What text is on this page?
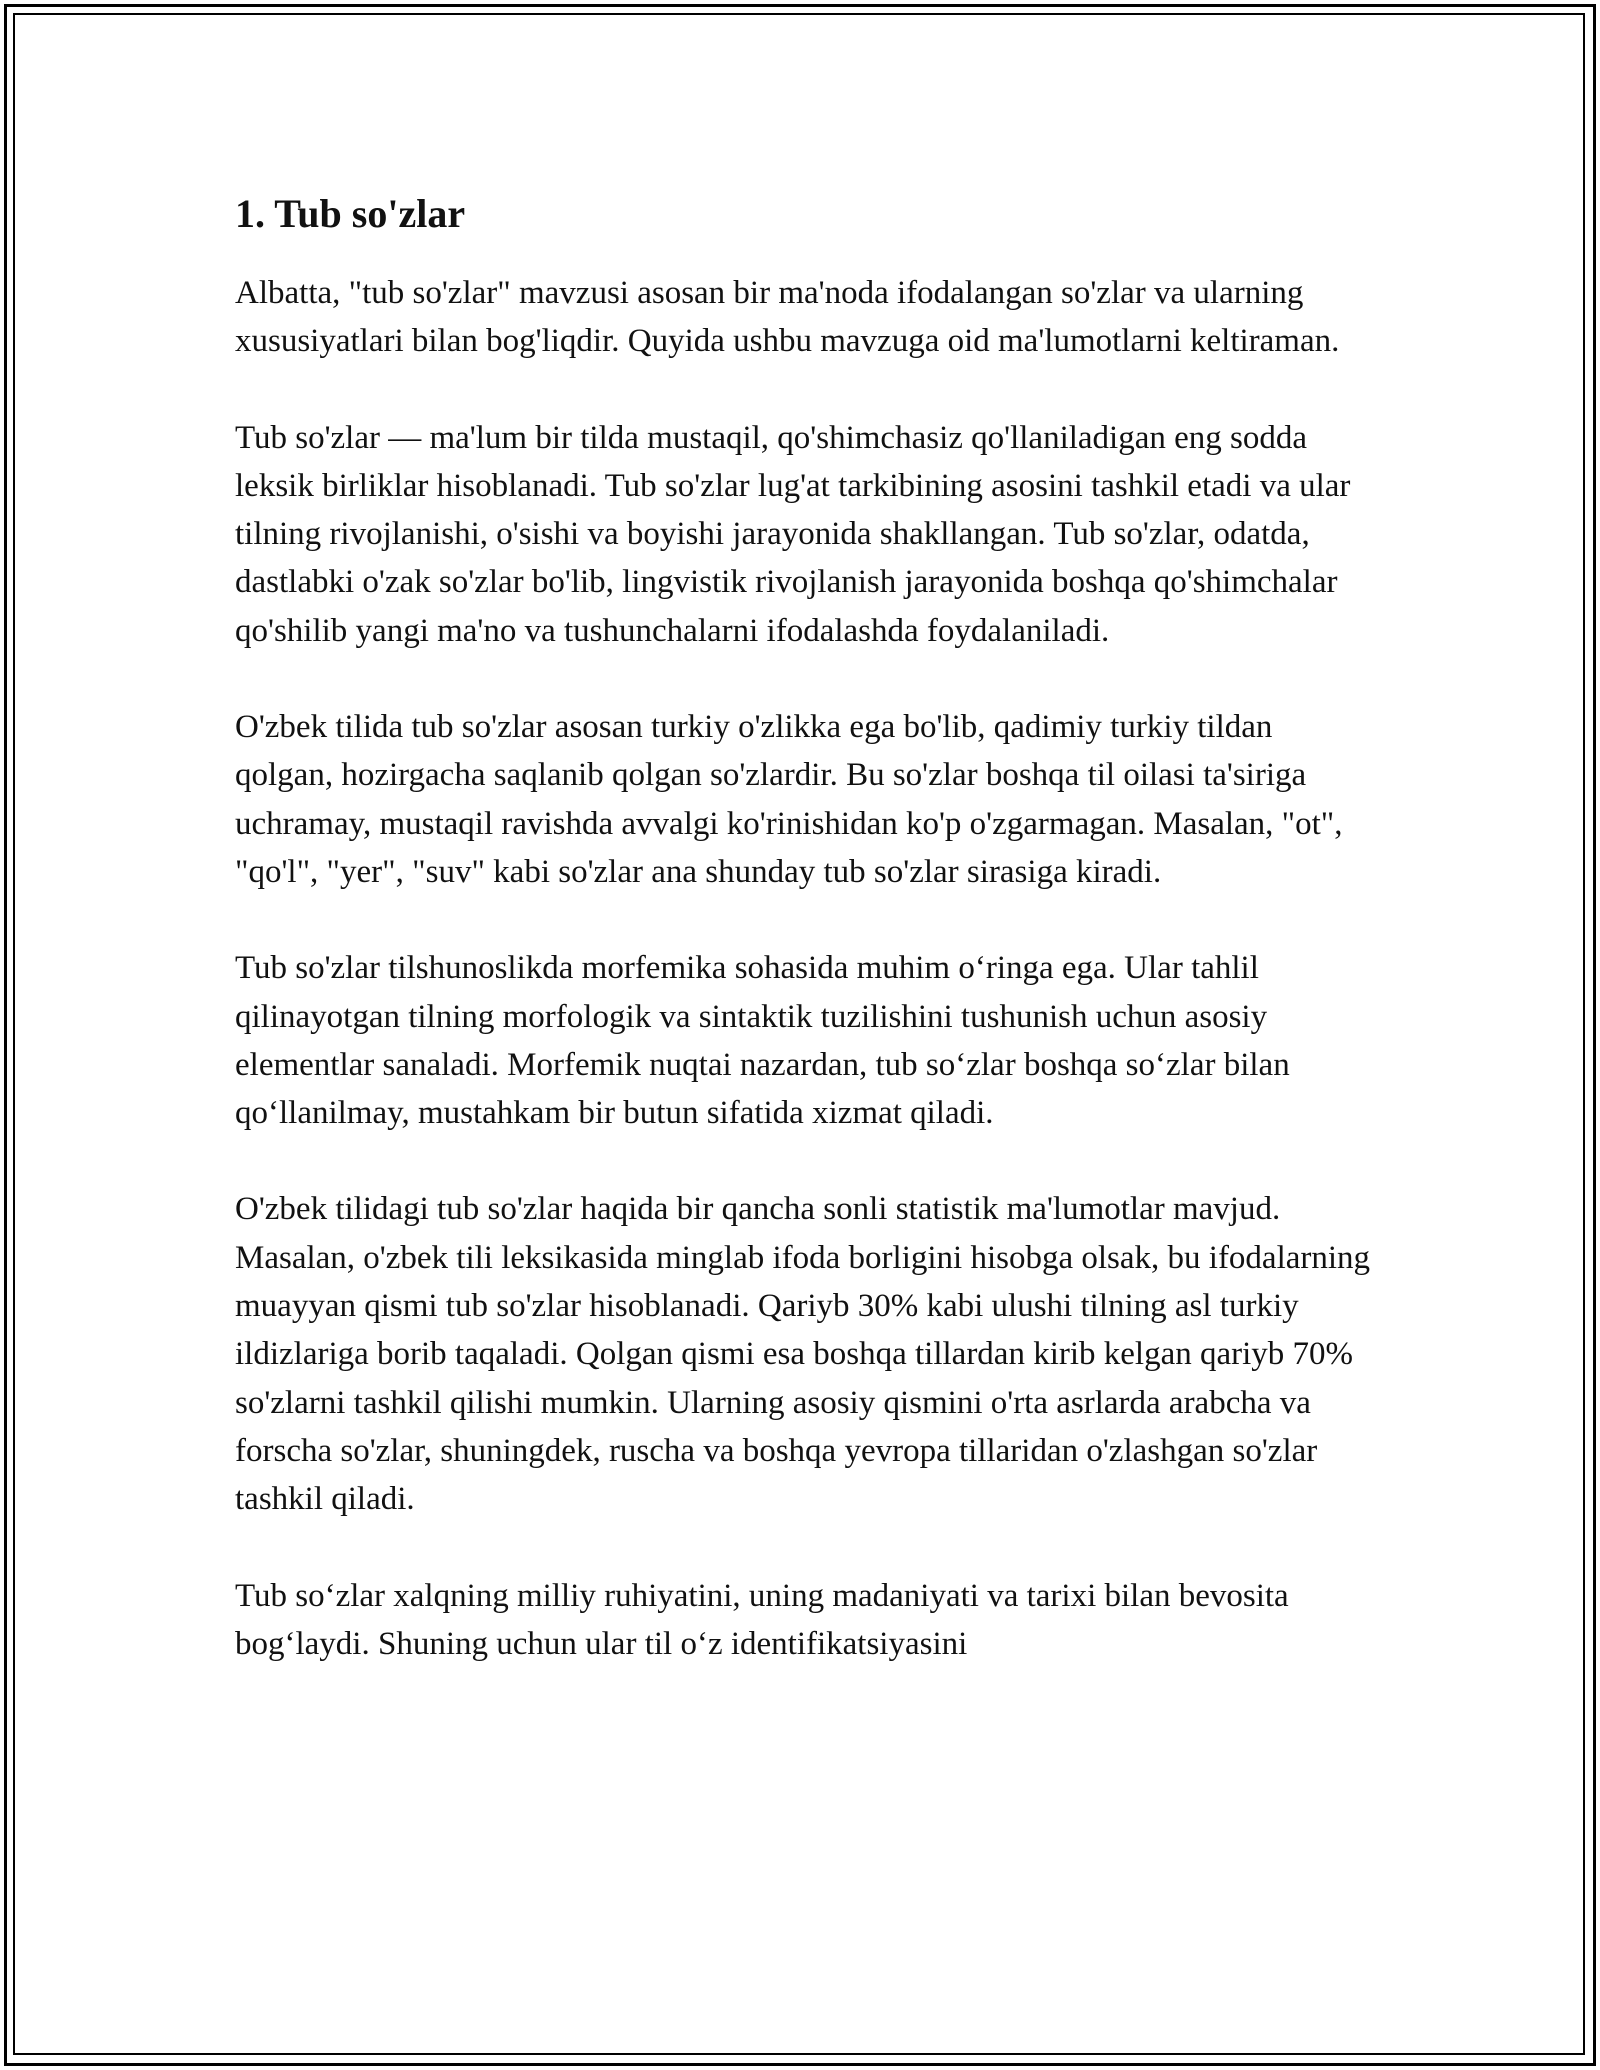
1. Tub so'zlar

Albatta, "tub so'zlar" mavzusi asosan bir ma'noda ifodalangan so'zlar va ularning xususiyatlari bilan bog'liqdir. Quyida ushbu mavzuga oid ma'lumotlarni keltiraman.

Tub so'zlar — ma'lum bir tilda mustaqil, qo'shimchasiz qo'llaniladigan eng sodda leksik birliklar hisoblanadi. Tub so'zlar lug'at tarkibining asosini tashkil etadi va ular tilning rivojlanishi, o'sishi va boyishi jarayonida shakllangan. Tub so'zlar, odatda, dastlabki o'zak so'zlar bo'lib, lingvistik rivojlanish jarayonida boshqa qo'shimchalar qo'shilib yangi ma'no va tushunchalarni ifodalashda foydalaniladi.

O'zbek tilida tub so'zlar asosan turkiy o'zlikka ega bo'lib, qadimiy turkiy tildan qolgan, hozirgacha saqlanib qolgan so'zlardir. Bu so'zlar boshqa til oilasi ta'siriga uchramay, mustaqil ravishda avvalgi ko'rinishidan ko'p o'zgarmagan. Masalan, "ot", "qo'l", "yer", "suv" kabi so'zlar ana shunday tub so'zlar sirasiga kiradi.

Tub so'zlar tilshunoslikda morfemika sohasida muhim o‘ringa ega. Ular tahlil qilinayotgan tilning morfologik va sintaktik tuzilishini tushunish uchun asosiy elementlar sanaladi. Morfemik nuqtai nazardan, tub so‘zlar boshqa so‘zlar bilan qo‘llanilmay, mustahkam bir butun sifatida xizmat qiladi.

O'zbek tilidagi tub so'zlar haqida bir qancha sonli statistik ma'lumotlar mavjud. Masalan, o'zbek tili leksikasida minglab ifoda borligini hisobga olsak, bu ifodalarning muayyan qismi tub so'zlar hisoblanadi. Qariyb 30% kabi ulushi tilning asl turkiy ildizlariga borib taqaladi. Qolgan qismi esa boshqa tillardan kirib kelgan qariyb 70% so'zlarni tashkil qilishi mumkin. Ularning asosiy qismini o'rta asrlarda arabcha va forscha so'zlar, shuningdek, ruscha va boshqa yevropa tillaridan o'zlashgan so'zlar tashkil qiladi.

Tub so‘zlar xalqning milliy ruhiyatini, uning madaniyati va tarixi bilan bevosita bog‘laydi. Shuning uchun ular til o‘z identifikatsiyasini
